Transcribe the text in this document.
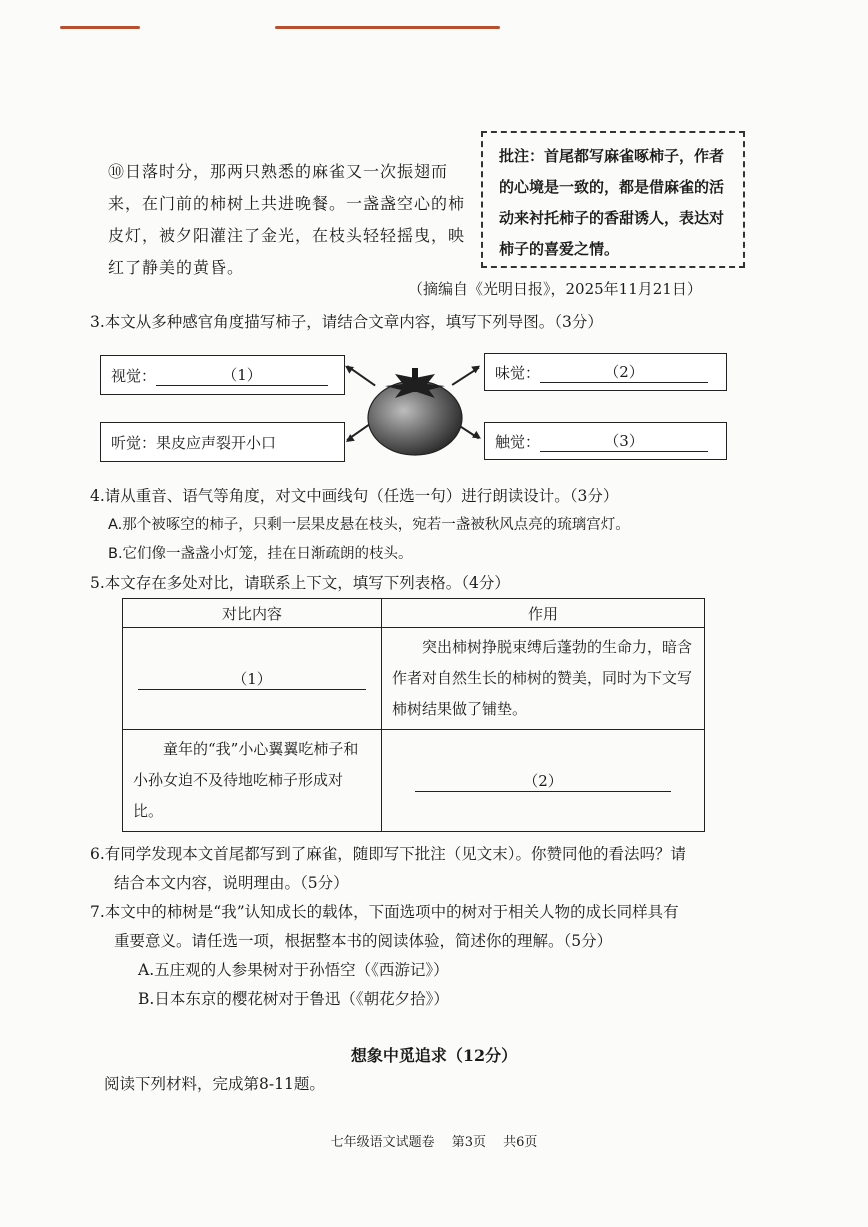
⑩日落时分，那两只熟悉的麻雀又一次振翅而来，在门前的柿树上共进晚餐。一盏盏空心的柿皮灯，被夕阳灌注了金光，在枝头轻轻摇曳，映红了静美的黄昏。

批注：首尾都写麻雀啄柿子，作者的心境是一致的，都是借麻雀的活动来衬托柿子的香甜诱人，表达对柿子的喜爱之情。
（摘编自《光明日报》，2025年11月21日）
3.本文从多种感官角度描写柿子，请结合文章内容，填写下列导图。（3分）
视觉：	（1）	味觉：	（2）
听觉： 果皮应声裂开小口	触觉：	（3）
4.请从重音、语气等角度，对文中画线句（任选一句）进行朗读设计。（3分）
A.那个被啄空的柿子，只剩一层果皮悬在枝头，宛若一盏被秋风点亮的琉璃宫灯。
B.它们像一盏盏小灯笼，挂在日渐疏朗的枝头。
5.本文存在多处对比，请联系上下文，填写下列表格。（4分）
对比内容	作用
（1）	突出柿树挣脱束缚后蓬勃的生命力，暗含作者对自然生长的柿树的赞美，同时为下文写柿树结果做了铺垫。

童年的“我”小心翼翼吃柿子和小孙女迫不及待地吃柿子形成对比。	（2）
6.有同学发现本文首尾都写到了麻雀，随即写下批注（见文末）。你赞同他的看法吗？请
结合本文内容，说明理由。（5分）
7.本文中的柿树是“我”认知成长的载体，下面选项中的树对于相关人物的成长同样具有
重要意义。请任选一项，根据整本书的阅读体验，简述你的理解。（5分）
A.五庄观的人参果树对于孙悟空（《西游记》）
B.日本东京的樱花树对于鲁迅（《朝花夕拾》）
想象中觅追求（12分）
阅读下列材料，完成第8-11题。
七年级语文试题卷　 第3页　 共6页
